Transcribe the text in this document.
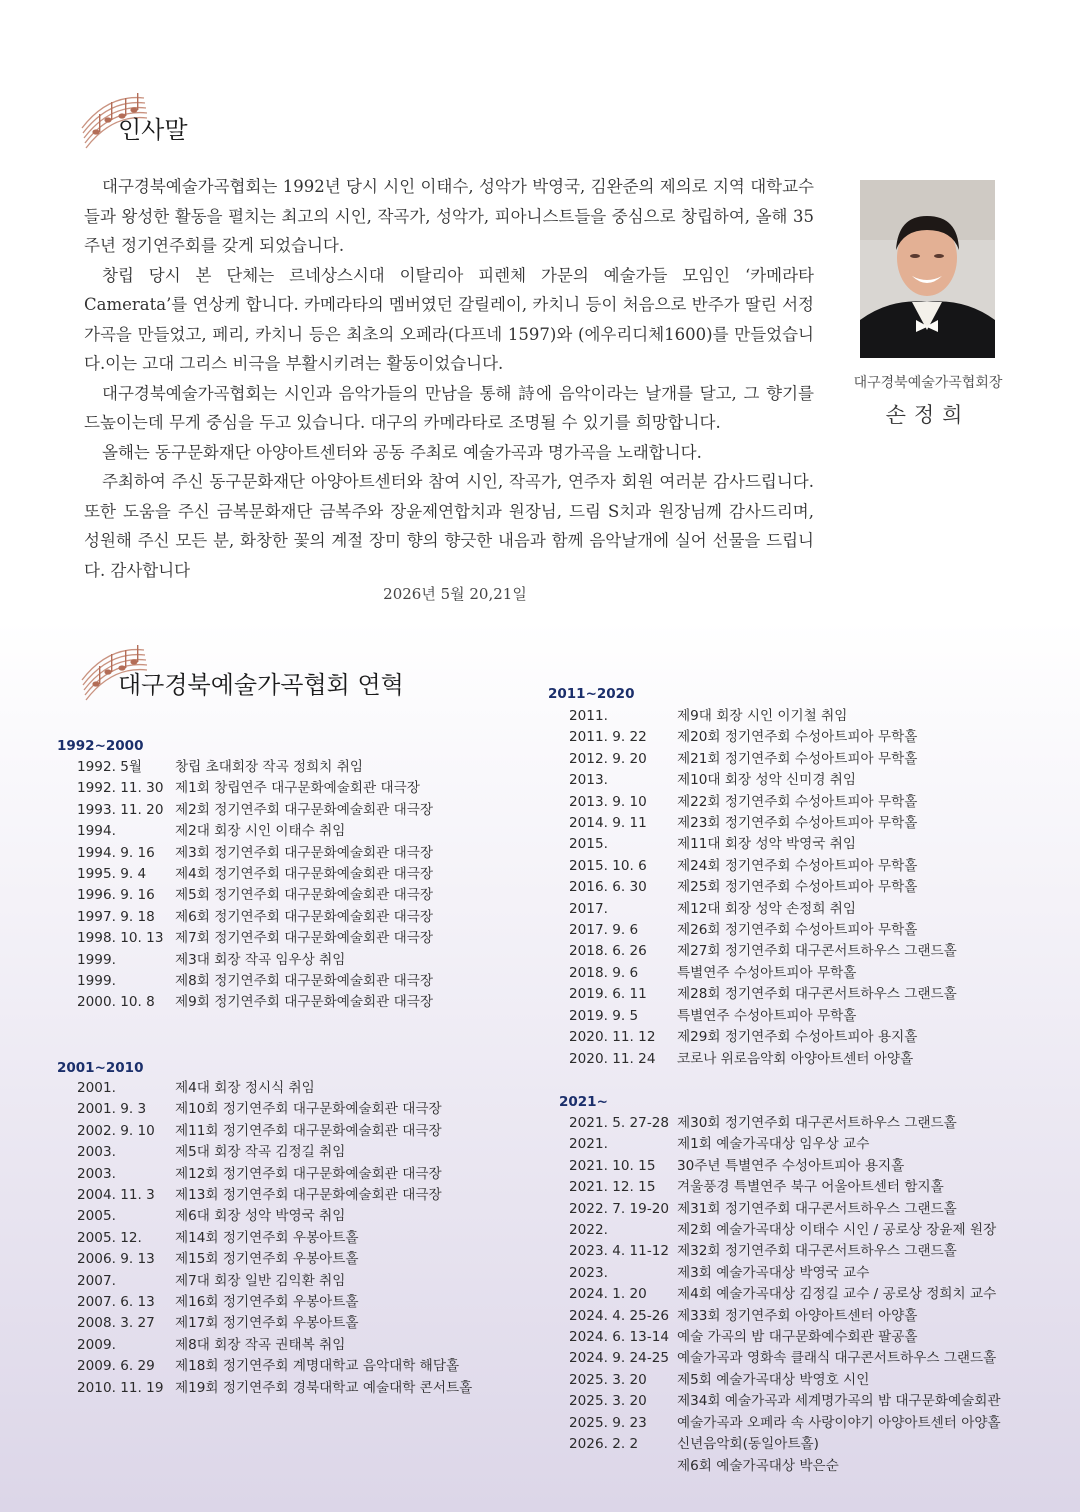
인사말

대구경북예술가곡협회는 1992년 당시 시인 이태수, 성악가 박영국, 김완준의 제의로 지역 대학교수들과 왕성한 활동을 펼치는 최고의 시인, 작곡가, 성악가, 피아니스트들을 중심으로 창립하여, 올해 35주년 정기연주회를 갖게 되었습니다.

창립 당시 본 단체는 르네상스시대 이탈리아 피렌체 가문의 예술가들 모임인 ‘카메라타 Camerata’를 연상케 합니다. 카메라타의 멤버였던 갈릴레이, 카치니 등이 처음으로 반주가 딸린 서정가곡을 만들었고, 페리, 카치니 등은 최초의 오페라(다프네 1597)와 (에우리디체1600)를 만들었습니다.이는 고대 그리스 비극을 부활시키려는 활동이었습니다.

대구경북예술가곡협회는 시인과 음악가들의 만남을 통해 詩에 음악이라는 날개를 달고, 그 향기를 드높이는데 무게 중심을 두고 있습니다. 대구의 카메라타로 조명될 수 있기를 희망합니다.

올해는 동구문화재단 아양아트센터와 공동 주최로 예술가곡과 명가곡을 노래합니다.

주최하여 주신 동구문화재단 아양아트센터와 참여 시인, 작곡가, 연주자 회원 여러분 감사드립니다. 또한 도움을 주신 금복문화재단 금복주와 장윤제연합치과 원장님, 드림 S치과 원장님께 감사드리며, 성원해 주신 모든 분, 화창한 꽃의 계절 장미 향의 향긋한 내음과 함께 음악날개에 실어 선물을 드립니다. 감사합니다

대구경북예술가곡협회장
손정희
2026년 5월 20,21일
대구경북예술가곡협회 연혁
1992~2000
1992. 5월	창립 초대회장 작곡 정희치 취임
1992. 11. 30 제1회 창립연주 대구문화예술회관 대극장
1993. 11. 20 제2회 정기연주회 대구문화예술회관 대극장
1994.	제2대 회장 시인 이태수 취임
1994. 9. 16	제3회 정기연주회 대구문화예술회관 대극장
1995. 9. 4	제4회 정기연주회 대구문화예술회관 대극장
1996. 9. 16	제5회 정기연주회 대구문화예술회관 대극장
1997. 9. 18	제6회 정기연주회 대구문화예술회관 대극장
1998. 10. 13 제7회 정기연주회 대구문화예술회관 대극장
1999.	제3대 회장 작곡 임우상 취임
1999.	제8회 정기연주회 대구문화예술회관 대극장
2000. 10. 8	제9회 정기연주회 대구문화예술회관 대극장
2001~2010
2001.	제4대 회장 정시식 취임
2001. 9. 3	제10회 정기연주회 대구문화예술회관 대극장
2002. 9. 10	제11회 정기연주회 대구문화예술회관 대극장
2003.	제5대 회장 작곡 김정길 취임
2003.	제12회 정기연주회 대구문화예술회관 대극장
2004. 11. 3	제13회 정기연주회 대구문화예술회관 대극장
2005.	제6대 회장 성악 박영국 취임
2005. 12.	제14회 정기연주회 우봉아트홀
2006. 9. 13	제15회 정기연주회 우봉아트홀
2007.	제7대 회장 일반 김익환 취임
2007. 6. 13	제16회 정기연주회 우봉아트홀
2008. 3. 27	제17회 정기연주회 우봉아트홀
2009.	제8대 회장 작곡 권태복 취임
2009. 6. 29	제18회 정기연주회 계명대학교 음악대학 해담홀
2010. 11. 19 제19회 정기연주회 경북대학교 예술대학 콘서트홀
2011~2020
2011.	제9대 회장 시인 이기철 취임
2011. 9. 22	제20회 정기연주회 수성아트피아 무학홀
2012. 9. 20	제21회 정기연주회 수성아트피아 무학홀
2013.	제10대 회장 성악 신미경 취임
2013. 9. 10	제22회 정기연주회 수성아트피아 무학홀
2014. 9. 11	제23회 정기연주회 수성아트피아 무학홀
2015.	제11대 회장 성악 박영국 취임
2015. 10. 6	제24회 정기연주회 수성아트피아 무학홀
2016. 6. 30	제25회 정기연주회 수성아트피아 무학홀
2017.	제12대 회장 성악 손정희 취임
2017. 9. 6	제26회 정기연주회 수성아트피아 무학홀
2018. 6. 26	제27회 정기연주회 대구콘서트하우스 그랜드홀
2018. 9. 6	특별연주 수성아트피아 무학홀
2019. 6. 11	제28회 정기연주회 대구콘서트하우스 그랜드홀
2019. 9. 5	특별연주 수성아트피아 무학홀
2020. 11. 12	제29회 정기연주회 수성아트피아 용지홀
2020. 11. 24	코로나 위로음악회 아양아트센터 아양홀
2021~
2021. 5. 27-28 제30회 정기연주회 대구콘서트하우스 그랜드홀
2021.	제1회 예술가곡대상 임우상 교수
2021. 10. 15	30주년 특별연주 수성아트피아 용지홀
2021. 12. 15	겨울풍경 특별연주 북구 어울아트센터 함지홀
2022. 7. 19-20 제31회 정기연주회 대구콘서트하우스 그랜드홀
2022.	제2회 예술가곡대상 이태수 시인 / 공로상 장윤제 원장
2023. 4. 11-12 제32회 정기연주회 대구콘서트하우스 그랜드홀
2023.	제3회 예술가곡대상 박영국 교수
2024. 1. 20	제4회 예술가곡대상 김정길 교수 / 공로상 정희치 교수
2024. 4. 25-26 제33회 정기연주회 아양아트센터 아양홀
2024. 6. 13-14 예술 가곡의 밤 대구문화예수회관 팔공홀
2024. 9. 24-25 예술가곡과 영화속 클래식 대구콘서트하우스 그랜드홀
2025. 3. 20	제5회 예술가곡대상 박영호 시인
2025. 3. 20	제34회 예술가곡과 세계명가곡의 밤 대구문화예술회관
2025. 9. 23	예술가곡과 오페라 속 사랑이야기 아양아트센터 아양홀
2026. 2. 2	신년음악회(동일아트홀)
제6회 예술가곡대상 박은순
